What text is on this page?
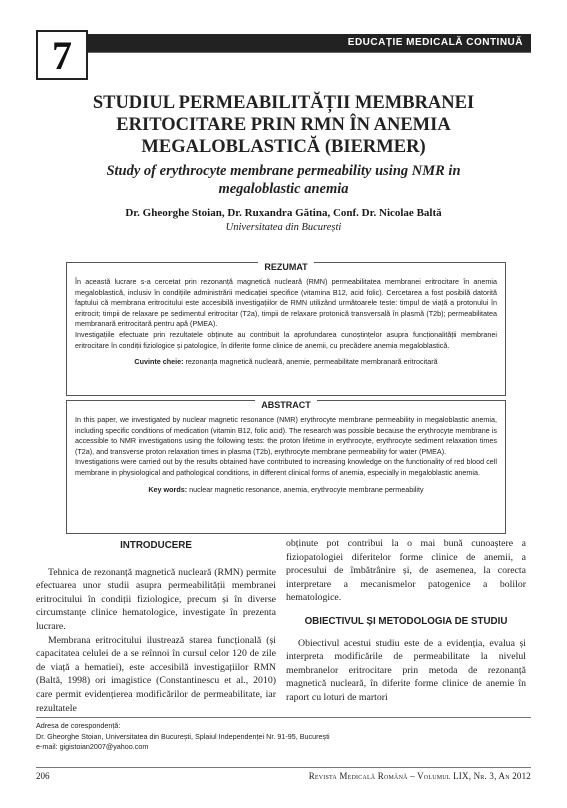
7	EDUCAȚIE MEDICALĂ CONTINUĂ
STUDIUL PERMEABILITĂȚII MEMBRANEI
ERITOCITARE PRIN RMN ÎN ANEMIA
MEGALOBLASTICĂ (BIERMER)
Study of erythrocyte membrane permeability using NMR in
megaloblastic anemia
Dr. Gheorghe Stoian, Dr. Ruxandra Gătina, Conf. Dr. Nicolae Baltă
Universitatea din București
REZUMAT

În această lucrare s-a cercetat prin rezonanță magnetică nucleară (RMN) permeabilitatea membranei eritrocitare în anemia megaloblastică, inclusiv în condițiile administrării medicației specifice (vitamina B12, acid folic). Cercetarea a fost posibilă datorită faptului că membrana eritrocitului este accesibilă investigațiilor de RMN utilizând următoarele teste: timpul de viață a protonului în eritrocit; timpii de relaxare pe sedimentul eritrocitar (T2a), timpii de relaxare protonică transversală în plasmă (T2b); permeabilitatea membranară eritrocitară pentru apă (PMEA).

Investigațiile efectuate prin rezultatele obținute au contribuit la aprofundarea cunoștințelor asupra funcționalității membranei eritrocitare în condiții fiziologice și patologice, în diferite forme clinice de anemii, cu precădere anemia megaloblastică.

Cuvinte cheie: rezonanța magnetică nucleară, anemie, permeabilitate membranară eritrocitară
ABSTRACT

In this paper, we investigated by nuclear magnetic resonance (NMR) erythrocyte membrane permeability in megaloblastic anemia, including specific conditions of medication (vitamin B12, folic acid). The research was possible because the erythrocyte membrane is accessible to NMR investigations using the following tests: the proton lifetime in erythrocyte, erythrocyte sediment relaxation times (T2a), and transverse proton relaxation times in plasma (T2b), erythrocyte membrane permeability for water (PMEA).

Investigations were carried out by the results obtained have contributed to increasing knowledge on the functionality of red blood cell membrane in physiological and pathological conditions, in different clinical forms of anemia, especially in megaloblastic anemia.

Key words: nuclear magnetic resonance, anemia, erythrocyte membrane permeability
INTRODUCERE

Tehnica de rezonanță magnetică nucleară (RMN) permite efectuarea unor studii asupra permeabilității membranei eritrocitului în condiții fiziologice, precum și în diverse circumstanțe clinice hematologice, investigate în prezenta lucrare.

Membrana eritrocitului ilustrează starea funcțională (și capacitatea celulei de a se reînnoi în cursul celor 120 de zile de viață a hematiei), este accesibilă investigațiilor RMN (Baltă, 1998) ori imagistice (Constantinescu et al., 2010) care permit evidențierea modificărilor de permeabilitate, iar rezultatele

obținute pot contribui la o mai bună cunoaștere a fiziopatologiei diferitelor forme clinice de anemii, a procesului de îmbătrânire și, de asemenea, la corecta interpretare a mecanismelor patogenice a bolilor hematologice.

OBIECTIVUL ȘI METODOLOGIA DE STUDIU

Obiectivul acestui studiu este de a evidenția, evalua și interpreta modificările de permeabilitate la nivelul membranelor eritrocitare prin metoda de rezonanță magnetică nucleară, în diferite forme clinice de anemie în raport cu loturi de martori

Adresa de corespondență:
Dr. Gheorghe Stoian, Universitatea din București, Splaiul Independenței Nr. 91-95, București
e-mail: gigistoian2007@yahoo.com
206	Revista Medicală Română – Volumul LIX, Nr. 3, An 2012
